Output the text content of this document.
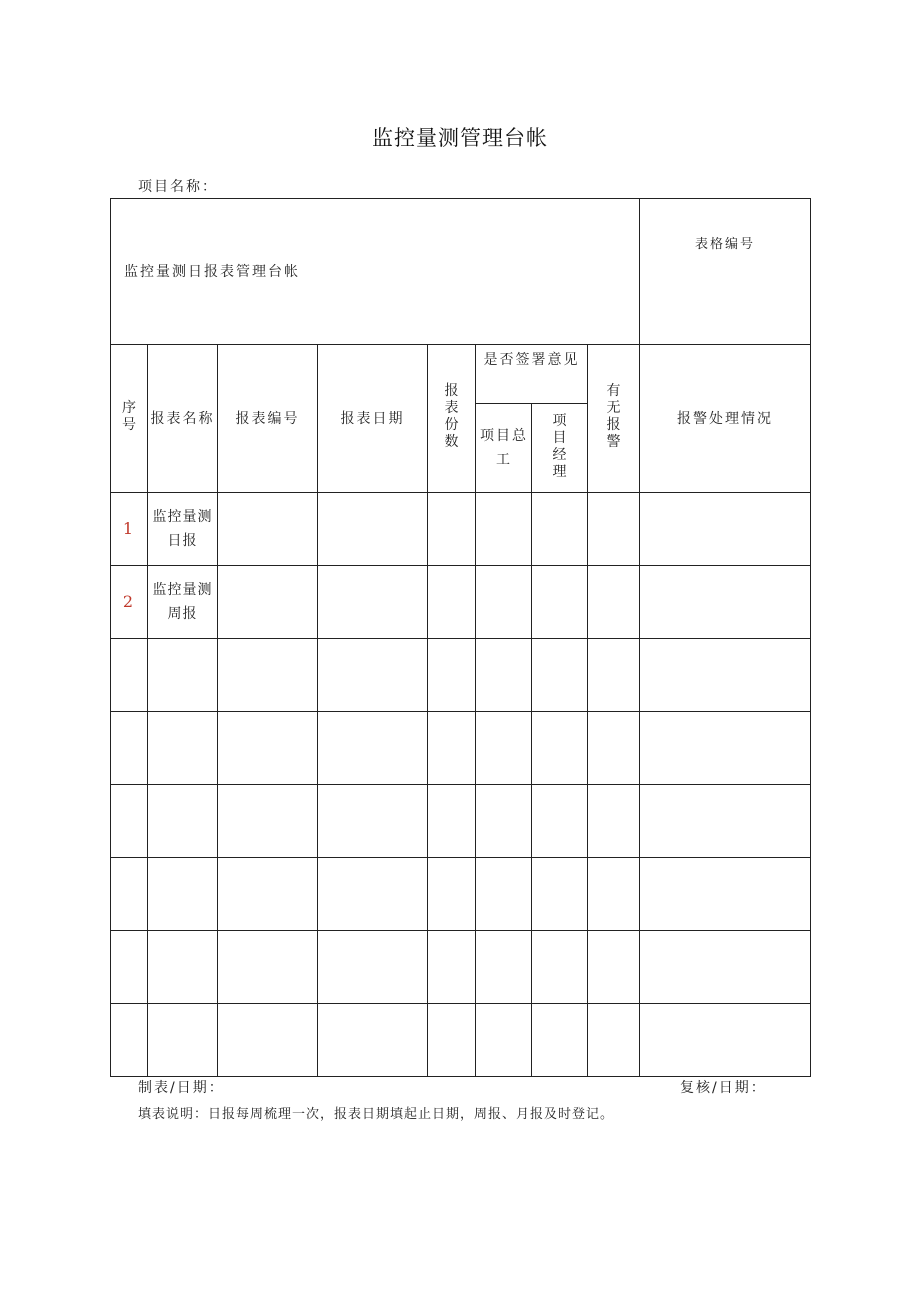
监控量测管理台帐
项目名称：
监控量测日报表管理台帐								表格编号

序号	报表名称	报表编号	报表日期	报表份数	是否签署意见		有无报警	报警处理情况
					项目总工	项目经理		
1	监控量测日报							
2	监控量测周报							

制表/日期：	复核/日期：
填表说明：日报每周梳理一次，报表日期填起止日期，周报、月报及时登记。
